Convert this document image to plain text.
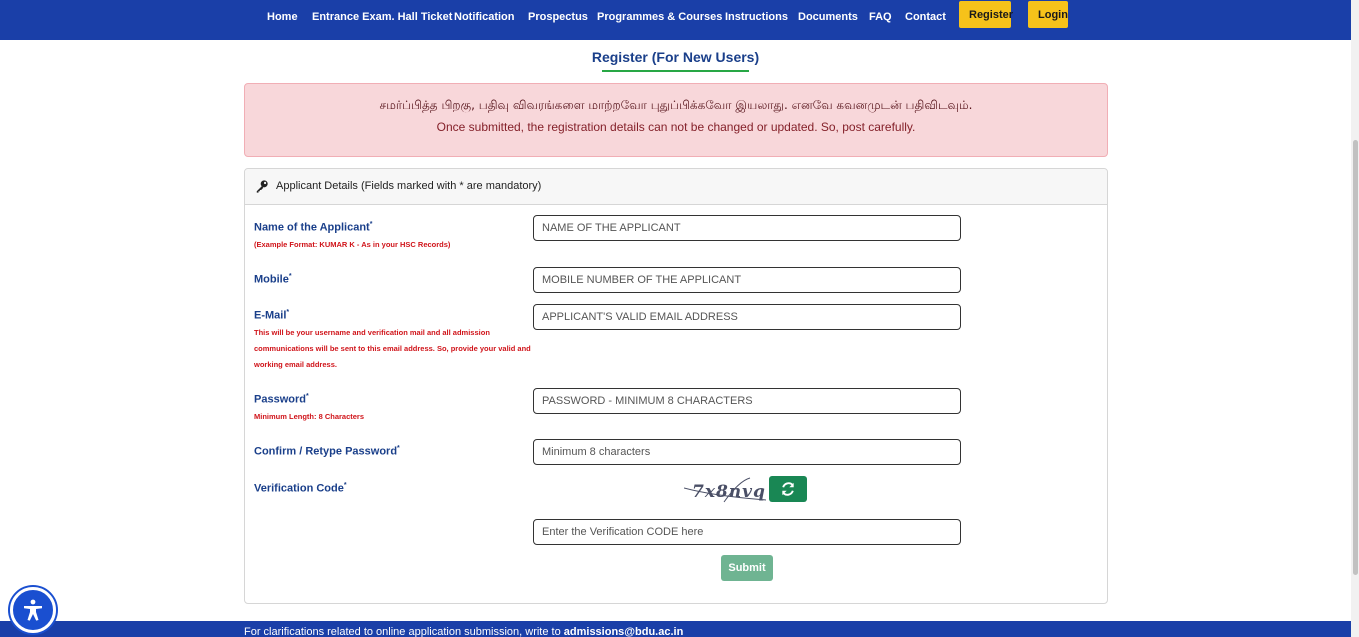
Home Entrance Exam. Hall Ticket Notification Prospectus Programmes & Courses Instructions Documents FAQ Contact	Register	Login
Register (For New Users)
சமர்ப்பித்த பிறகு, பதிவு விவரங்களை மாற்றவோ புதுப்பிக்கவோ இயலாது. எனவே கவனமுடன் பதிவிடவும்.
Once submitted, the registration details can not be changed or updated. So, post carefully.
Applicant Details (Fields marked with * are mandatory)
Name of the Applicant*
(Example Format: KUMAR K - As in your HSC Records)
NAME OF THE APPLICANT
Mobile*
MOBILE NUMBER OF THE APPLICANT
E-Mail*
This will be your username and verification mail and all admission communications will be sent to this email address. So, provide your valid and working email address.
APPLICANT'S VALID EMAIL ADDRESS
Password*
Minimum Length: 8 Characters
PASSWORD - MINIMUM 8 CHARACTERS
Confirm / Retype Password*
Minimum 8 characters
Verification Code*	7x8nvq
Enter the Verification CODE here
Submit
For clarifications related to online application submission, write to admissions@bdu.ac.in
